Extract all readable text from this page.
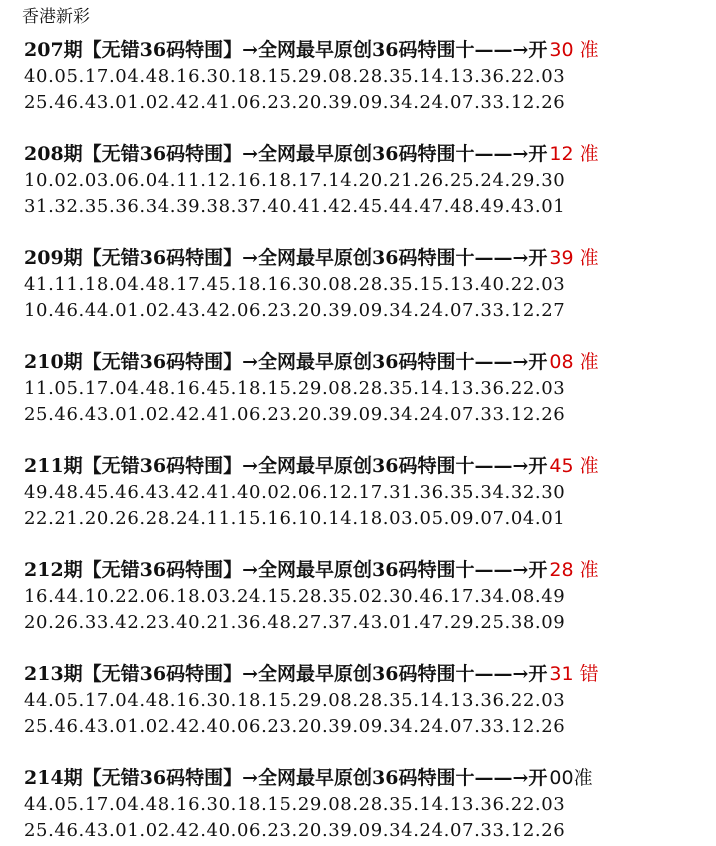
香港新彩
207期【无错36码特围】→全网最早原创36码特围十——→开 30 准
40.05.17.04.48.16.30.18.15.29.08.28.35.14.13.36.22.03
25.46.43.01.02.42.41.06.23.20.39.09.34.24.07.33.12.26
208期【无错36码特围】→全网最早原创36码特围十——→开 12 准
10.02.03.06.04.11.12.16.18.17.14.20.21.26.25.24.29.30
31.32.35.36.34.39.38.37.40.41.42.45.44.47.48.49.43.01
209期【无错36码特围】→全网最早原创36码特围十——→开 39 准
41.11.18.04.48.17.45.18.16.30.08.28.35.15.13.40.22.03
10.46.44.01.02.43.42.06.23.20.39.09.34.24.07.33.12.27
210期【无错36码特围】→全网最早原创36码特围十——→开 08 准
11.05.17.04.48.16.45.18.15.29.08.28.35.14.13.36.22.03
25.46.43.01.02.42.41.06.23.20.39.09.34.24.07.33.12.26
211期【无错36码特围】→全网最早原创36码特围十——→开 45 准
49.48.45.46.43.42.41.40.02.06.12.17.31.36.35.34.32.30
22.21.20.26.28.24.11.15.16.10.14.18.03.05.09.07.04.01
212期【无错36码特围】→全网最早原创36码特围十——→开 28 准
16.44.10.22.06.18.03.24.15.28.35.02.30.46.17.34.08.49
20.26.33.42.23.40.21.36.48.27.37.43.01.47.29.25.38.09
213期【无错36码特围】→全网最早原创36码特围十——→开 31 错
44.05.17.04.48.16.30.18.15.29.08.28.35.14.13.36.22.03
25.46.43.01.02.42.40.06.23.20.39.09.34.24.07.33.12.26
214期【无错36码特围】→全网最早原创36码特围十——→开 00准
44.05.17.04.48.16.30.18.15.29.08.28.35.14.13.36.22.03
25.46.43.01.02.42.40.06.23.20.39.09.34.24.07.33.12.26
